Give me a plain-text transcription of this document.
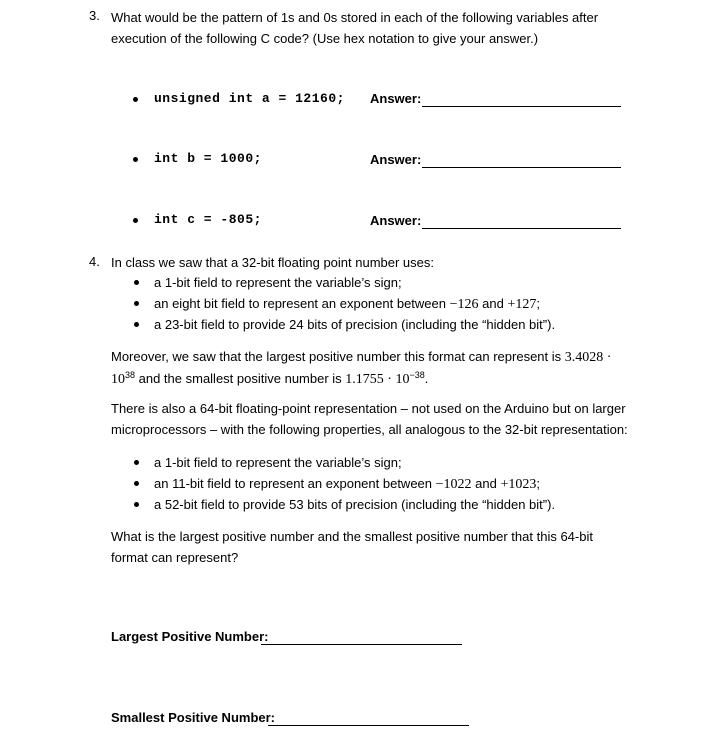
3. What would be the pattern of 1s and 0s stored in each of the following variables after
execution of the following C code? (Use hex notation to give your answer.)
unsigned int a = 12160; Answer:
int b = 1000;	Answer:
int c = -805;	Answer:
4. In class we saw that a 32-bit floating point number uses:
a 1-bit field to represent the variable’s sign;
an eight bit field to represent an exponent between −126 and +127;
a 23-bit field to provide 24 bits of precision (including the “hidden bit”).
Moreover, we saw that the largest positive number this format can represent is 3.4028 ·
$10^{38}$ and the smallest positive number is $1.1755 \cdot 10^{-38}$.
There is also a 64-bit floating-point representation – not used on the Arduino but on larger microprocessors – with the following properties, all analogous to the 32-bit representation:
a 1-bit field to represent the variable’s sign;
an 11-bit field to represent an exponent between −1022 and +1023;
a 52-bit field to provide 53 bits of precision (including the “hidden bit”).
What is the largest positive number and the smallest positive number that this 64-bit format can represent?
Largest Positive Number:
Smallest Positive Number:
